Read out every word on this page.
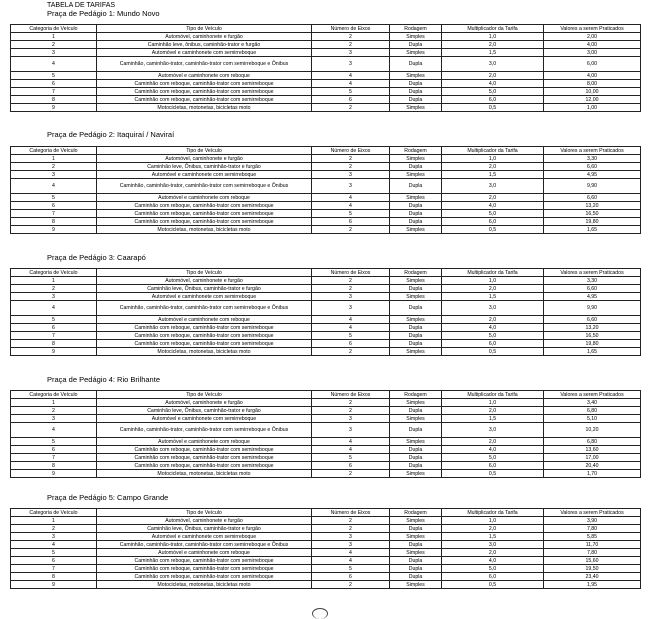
TABELA DE TARIFAS
Praça de Pedágio 1: Mundo Novo
Categoria de Veículo	Tipo de Veículo	Número de Eixos	Rodagem	Multiplicador da Tarifa	Valores a serem Praticados
1	Automóvel, caminhonete e furgão	2	Simples	1,0	2,00
2	Caminhão leve, ônibus, caminhão-trator e furgão	2	Dupla	2,0	4,00
3	Automóvel e caminhonete com semirreboque	3	Simples	1,5	3,00
4	Caminhão, caminhão-trator, caminhão-trator com semirreboque e Ônibus	3	Dupla	3,0	6,00
5	Automóvel e caminhonete com reboque	4	Simples	2,0	4,00
6	Caminhão com reboque, caminhão-trator com semirreboque	4	Dupla	4,0	8,00
7	Caminhão com reboque, caminhão-trator com semirreboque	5	Dupla	5,0	10,00
8	Caminhão com reboque, caminhão-trator com semirreboque	6	Dupla	6,0	12,00
9	Motocicletas, motonetas, bicicletas moto	2	Simples	0,5	1,00
Praça de Pedágio 2: Itaquiraí / Naviraí
Categoria de Veículo	Tipo de Veículo	Número de Eixos	Rodagem	Multiplicador da Tarifa	Valores a serem Praticados
1	Automóvel, caminhonete e furgão	2	Simples	1,0	3,30
2	Caminhão leve, Ônibus, caminhão-trator e furgão	2	Dupla	2,0	6,60
3	Automóvel e caminhonete com semirreboque	3	Simples	1,5	4,95
4	Caminhão, caminhão-trator, caminhão-trator com semirreboque e Ônibus	3	Dupla	3,0	9,90
5	Automóvel e caminhonete com reboque	4	Simples	2,0	6,60
6	Caminhão com reboque, caminhão-trator com semirreboque	4	Dupla	4,0	13,20
7	Caminhão com reboque, caminhão-trator com semirreboque	5	Dupla	5,0	16,50
8	Caminhão com reboque, caminhão-trator com semirreboque	6	Dupla	6,0	19,80
9	Motocicletas, motonetas, bicicletas moto	2	Simples	0,5	1,65
Praça de Pedágio 3: Caarapó
Categoria de Veículo	Tipo de Veículo	Número de Eixos	Rodagem	Multiplicador da Tarifa	Valores a serem Praticados
1	Automóvel, caminhonete e furgão	2	Simples	1,0	3,30
2	Caminhão leve, Ônibus, caminhão-trator e furgão	2	Dupla	2,0	6,60
3	Automóvel e caminhonete com semirreboque	3	Simples	1,5	4,95
4	Caminhão, caminhão-trator, caminhão-trator com semirreboque e Ônibus	3	Dupla	3,0	9,90
5	Automóvel e caminhonete com reboque	4	Simples	2,0	6,60
6	Caminhão com reboque, caminhão-trator com semirreboque	4	Dupla	4,0	13,20
7	Caminhão com reboque, caminhão-trator com semirreboque	5	Dupla	5,0	16,50
8	Caminhão com reboque, caminhão-trator com semirreboque	6	Dupla	6,0	19,80
9	Motocicletas, motonetas, bicicletas moto	2	Simples	0,5	1,65
Praça de Pedágio 4: Rio Brilhante
Categoria de Veículo	Tipo de Veículo	Número de Eixos	Rodagem	Multiplicador da Tarifa	Valores a serem Praticados
1	Automóvel, caminhonete e furgão	2	Simples	1,0	3,40
2	Caminhão leve, Ônibus, caminhão-trator e furgão	2	Dupla	2,0	6,80
3	Automóvel e caminhonete com semirreboque	3	Simples	1,5	5,10
4	Caminhão, caminhão-trator, caminhão-trator com semirreboque e Ônibus	3	Dupla	3,0	10,20
5	Automóvel e caminhonete com reboque	4	Simples	2,0	6,80
6	Caminhão com reboque, caminhão-trator com semirreboque	4	Dupla	4,0	13,60
7	Caminhão com reboque, caminhão-trator com semirreboque	5	Dupla	5,0	17,00
8	Caminhão com reboque, caminhão-trator com semirreboque	6	Dupla	6,0	20,40
9	Motocicletas, motonetas, bicicletas moto	2	Simples	0,5	1,70
Praça de Pedágio 5: Campo Grande
Categoria de Veículo	Tipo de Veículo	Número de Eixos	Rodagem	Multiplicador da Tarifa	Valores a serem Praticados
1	Automóvel, caminhonete e furgão	2	Simples	1,0	3,90
2	Caminhão leve, Ônibus, caminhão-trator e furgão	2	Dupla	2,0	7,80
3	Automóvel e caminhonete com semirreboque	3	Simples	1,5	5,85
4	Caminhão, caminhão-trator, caminhão-trator com semirreboque e Ônibus	3	Dupla	3,0	11,70
5	Automóvel e caminhonete com reboque	4	Simples	2,0	7,80
6	Caminhão com reboque, caminhão-trator com semirreboque	4	Dupla	4,0	15,60
7	Caminhão com reboque, caminhão-trator com semirreboque	5	Dupla	5,0	19,50
8	Caminhão com reboque, caminhão-trator com semirreboque	6	Dupla	6,0	23,40
9	Motocicletas, motonetas, bicicletas moto	2	Simples	0,5	1,95
